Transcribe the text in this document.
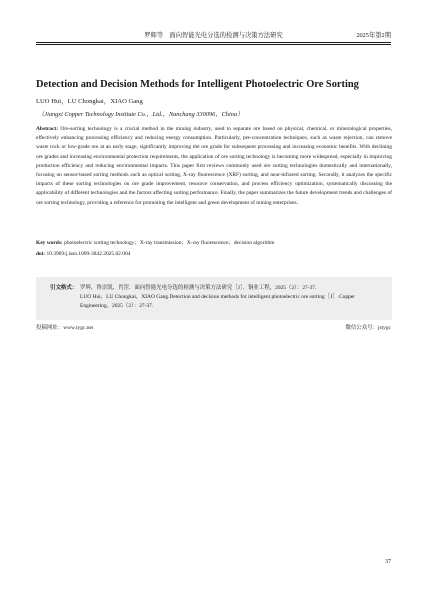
罗辉等　面向智能光电分选的检测与决策方法研究	2025年第2期
Detection and Decision Methods for Intelligent Photoelectric Ore Sorting
LUO Hui，LU Chongkai，XIAO Gang
（Jiangxi Copper Technology Institute Co.，Ltd.，Nanchang 330096，China）
Abstract: Ore-sorting technology is a crucial method in the mining industry, used to separate ore based on physical, chemical, or mineralogical properties, effectively enhancing processing efficiency and reducing energy consumption. Particularly, pre-concentration techniques, such as waste rejection, can remove waste rock or low-grade ore at an early stage, significantly improving the ore grade for subsequent processing and increasing economic benefits. With declining ore grades and increasing environmental protection requirements, the application of ore sorting technology is becoming more widespread, especially in improving production efficiency and reducing environmental impacts. This paper first reviews commonly used ore sorting technologies domestically and internationally, focusing on sensor-based sorting methods such as optical sorting, X-ray fluorescence (XRF) sorting, and near-infrared sorting. Secondly, it analyzes the specific impacts of these sorting technologies on ore grade improvement, resource conservation, and process efficiency optimization, systematically discussing the applicability of different technologies and the factors affecting sorting performance. Finally, the paper summarizes the future development trends and challenges of ore sorting technology, providing a reference for promoting the intelligent and green development of mining enterprises.
Key words: photoelectric sorting technology；X-ray transmission；X-ray fluorescence；decision algorithm
doi: 10.3969/j.issn.1009-3842.2025.02.004
引文格式： 罗辉，鲁崇凯，肖罡．面向智能光电分选的检测与决策方法研究［J］．铜业工程，2025（2）：27-37．
LUO Hui，LU Chongkai，XIAO Gang.Detection and decision methods for intelligent photoelectric ore sorting［J］.Copper Engineering，2025（2）：27-37.
投稿网址：www.tygc.net	微信公众号：jstygc
37
